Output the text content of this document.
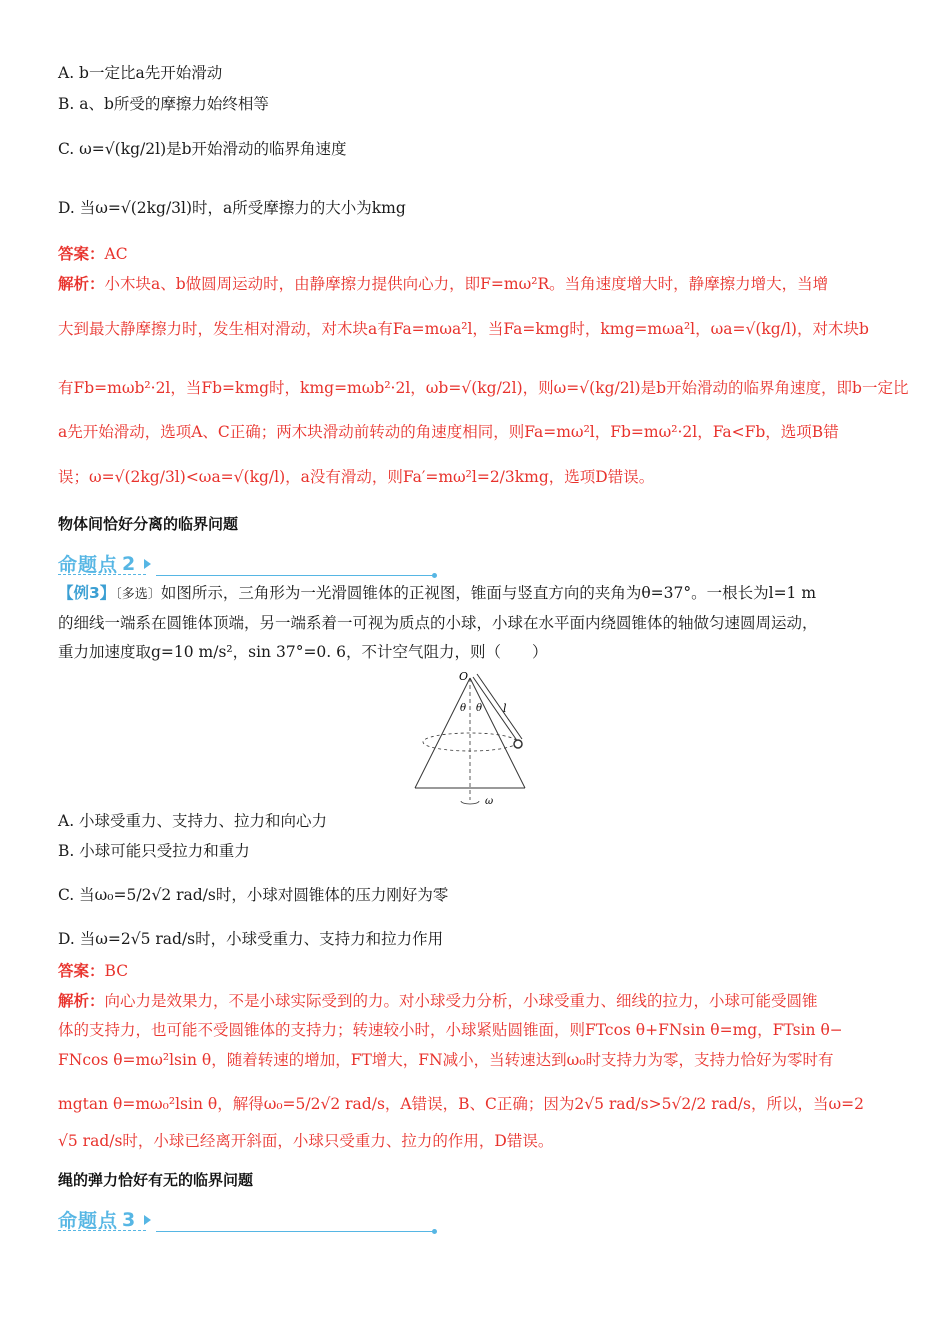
A. b一定比a先开始滑动
B. a、b所受的摩擦力始终相等
C. ω=√(kg/2l)是b开始滑动的临界角速度
D. 当ω=√(2kg/3l)时，a所受摩擦力的大小为kmg
答案：AC
解析：小木块a、b做圆周运动时，由静摩擦力提供向心力，即F=mω²R。当角速度增大时，静摩擦力增大，当增
大到最大静摩擦力时，发生相对滑动，对木块a有Fa=mωa²l，当Fa=kmg时，kmg=mωa²l，ωa=√(kg/l)，对木块b
有Fb=mωb²·2l，当Fb=kmg时，kmg=mωb²·2l，ωb=√(kg/2l)，则ω=√(kg/2l)是b开始滑动的临界角速度，即b一定比
a先开始滑动，选项A、C正确；两木块滑动前转动的角速度相同，则Fa=mω²l，Fb=mω²·2l，Fa<Fb，选项B错
误；ω=√(2kg/3l)<ωa=√(kg/l)，a没有滑动，则Fa′=mω²l=2/3kmg，选项D错误。
物体间恰好分离的临界问题
命题点 2
【例3】〔多选〕如图所示，三角形为一光滑圆锥体的正视图，锥面与竖直方向的夹角为θ=37°。一根长为l=1 m
的细线一端系在圆锥体顶端，另一端系着一可视为质点的小球，小球在水平面内绕圆锥体的轴做匀速圆周运动，
重力加速度取g=10 m/s²，sin 37°=0. 6，不计空气阻力，则（　　）
O
θ θ l
ω
A. 小球受重力、支持力、拉力和向心力
B. 小球可能只受拉力和重力
C. 当ω₀=5/2√2 rad/s时，小球对圆锥体的压力刚好为零
D. 当ω=2√5 rad/s时，小球受重力、支持力和拉力作用
答案：BC
解析：向心力是效果力，不是小球实际受到的力。对小球受力分析，小球受重力、细线的拉力，小球可能受圆锥
体的支持力，也可能不受圆锥体的支持力；转速较小时，小球紧贴圆锥面，则FTcos θ+FNsin θ=mg，FTsin θ−
FNcos θ=mω²lsin θ，随着转速的增加，FT增大，FN减小，当转速达到ω₀时支持力为零，支持力恰好为零时有
mgtan θ=mω₀²lsin θ，解得ω₀=5/2√2 rad/s，A错误，B、C正确；因为2√5 rad/s>5√2/2 rad/s，所以，当ω=2
√5 rad/s时，小球已经离开斜面，小球只受重力、拉力的作用，D错误。
绳的弹力恰好有无的临界问题
命题点 3
